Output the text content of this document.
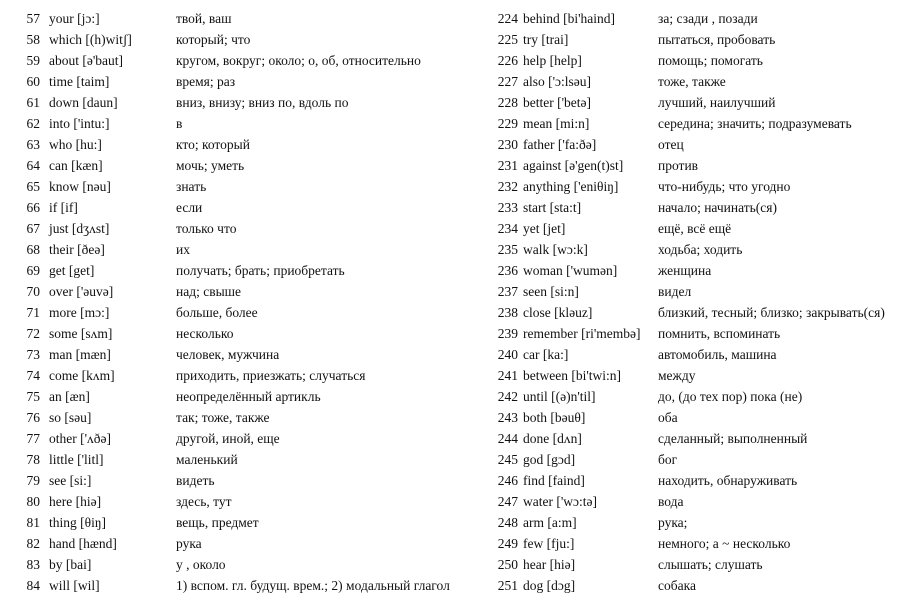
57 your [jɔ:]	твой, ваш
58 which [(h)witʃ]	который; что
59 about [ə'baut]	кругом, вокруг; около; о, об, относительно
60 time [taim]	время; раз
61 down [daun]	вниз, внизу; вниз по, вдоль по
62 into ['intu:]	в
63 who [hu:]	кто; который
64 can [kæn]	мочь; уметь
65 know [nəu]	знать
66 if [if]	если
67 just [dʒʌst]	только что
68 their [ðeə]	их
69 get [get]	получать; брать; приобретать
70 over ['əuvə]	над; свыше
71 more [mɔ:]	больше, более
72 some [sʌm]	несколько
73 man [mæn]	человек, мужчина
74 come [kʌm]	приходить, приезжать; случаться
75 an [æn]	неопределённый артикль
76 so [səu]	так; тоже, также
77 other ['ʌðə]	другой, иной, еще
78 little ['litl]	маленький
79 see [si:]	видеть
80 here [hiə]	здесь, тут
81 thing [θiŋ]	вещь, предмет
82 hand [hænd]	рука
83 by [bai]	у , около
84 will [wil]	1) вспом. гл. будущ. врем.; 2) модальный глагол
224 behind [bi'haind]	за; сзади , позади
225 try [trai]	пытаться, пробовать
226 help [help]	помощь; помогать
227 also ['ɔ:lsəu]	тоже, также
228 better ['betə]	лучший, наилучший
229 mean [mi:n]	середина; значить; подразумевать
230 father ['fa:ðə]	отец
231 against [ə'gen(t)st]	против
232 anything ['eniθiŋ]	что-нибудь; что угодно
233 start [sta:t]	начало; начинать(ся)
234 yet [jet]	ещё, всё ещё
235 walk [wɔ:k]	ходьба; ходить
236 woman ['wumən]	женщина
237 seen [si:n]	видел
238 close [kləuz]	близкий, тесный; близко; закрывать(ся)
239 remember [ri'membə] помнить, вспоминать
240 car [ka:]	автомобиль, машина
241 between [bi'twi:n]	между
242 until [(ə)n'til]	до, (до тех пор) пока (не)
243 both [bəuθ]	оба
244 done [dʌn]	сделанный; выполненный
245 god [gɔd]	бог
246 find [faind]	находить, обнаруживать
247 water ['wɔ:tə]	вода
248 arm [a:m]	рука;
249 few [fju:]	немного; а ~ несколько
250 hear [hiə]	слышать; слушать
251 dog [dɔg]	собака
